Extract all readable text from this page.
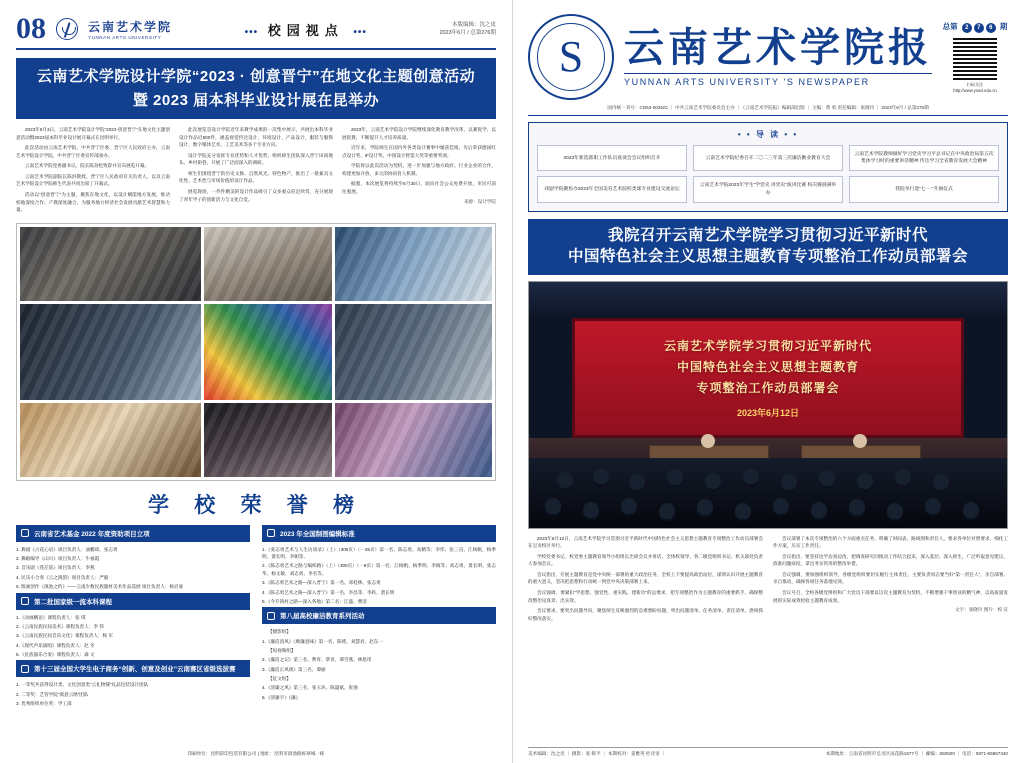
08	云南艺术学院
YUNNAN ARTS UNIVERSITY	••• 校园视点 •••
本版编辑：沈之皮
2023年6月 / 总第276期
云南艺术学院设计学院“2023 · 创意晋宁”在地文化主题创意活动
暨 2023 届本科毕业设计展在昆举办

2023年6月3日，云南艺术学院设计学院“2023·创意晋宁”在地文化主题创意活动暨2023届本科毕业设计展开幕式在昆明举行。

此次活动由云南艺术学院、中共晋宁区委、晋宁区人民政府主办，云南艺术学院设计学院、中共晋宁区委宣传部承办。

云南艺术学院党委副书记、院长陈劲松致辞并宣布展览开幕。

云南艺术学院副院长陈洪教授、晋宁区人民政府有关负责人，以及云南艺术学院设计学院师生代表共同出席了开幕式。

活动以“创意晋宁”为主题，聚焦在地文化，以设计赋能地方发展，推动校地深度合作、产教深度融合，为服务地方经济社会发展贡献艺术智慧和力量。

此次展览是设计学院近年来教学成果的一次集中展示，共展出本科毕业设计作品近500件，涵盖视觉传达设计、环境设计、产品设计、服装与服饰设计、数字媒体艺术、工艺美术等多个专业方向。

设计学院充分发挥专业优势和人才优势，组织师生团队深入晋宁田间地头、乡村街巷，开展了广泛而深入的调研。

师生们围绕晋宁的历史文脉、自然风光、特色物产，推出了一批兼具文化性、艺术性与市场价值的设计作品。

展览现场，一件件精美的设计作品吸引了众多观众驻足欣赏，充分展现了青年学子的创新活力与文化自觉。

2023年，云南艺术学院设计学院继续深化教育教学改革，以赛促学、以展促教，不断提升人才培养质量。

近年来，学院师生在国内外各类设计赛事中屡获佳绩，先后荣获德国红点设计奖、iF设计奖、中国设计智造大奖等重要奖项。

学院将以此次活动为契机，进一步加强与地方政府、行业企业的合作，构建更加开放、多元的协同育人机制。

据悉，本次展览将持续至6月30日，面向社会公众免费开放，市民可前往观展。

来源：设计学院
学 校 荣 誉 榜
云南省艺术基金 2022 年度资助项目立项

1. 舞剧《占花心语》项目负责人：油鹏璋，张志勇

2. 舞蹈编导《山川》项目负责人：牛福霞

3. 音乐剧《苍茫前》项目负责人：李燕

4. 民乐小合奏《云之滇韵》项目负责人：严毅

5. 版画创作《滇池之约》——云南少数民族题材美术作品巡展 项目负责人：杨启豪

第二批国家级一流本科课程

1.《动画概论》课程负责人：张 琪

2.《云南民族民间美术》课程负责人：李 伟

3.《云南民族民间音乐文化》课程负责人：杨 军

4.《现代声乐演唱》课程负责人：赵 冬

5.《民族器乐合奏》课程负责人：森 文

第十三届全国大学生电子商务“创新、创意及创业”云南赛区省级选拔赛

1. 一等奖共获得设计类、文化创意类“云礼物铺”礼品包装设计团队

2. 二等奖：艺管学院“滇意云绣”团队

3. 优秀组织单位奖：学工部

2023 年全国制图编辑标准

1.《张志勇艺术与人生访谈录》（上）（300页）（一45页）第一名、陈志勇、高精等；李伟、张三良、江杨帆、杨季明、萧长明、李朝等。

2.《陈志勇艺术之路与编织路》（上）（300页）（一8页）第一名；江杨帆、杨季明、李陵等；高志勇、萧长明、张志华、杨文敏、刘志勇、李名等。

3.《陈志勇艺术之路—深入晋宁》第一名、邓桂林、张志勇

4.《陈志勇艺术之路—深入晋宁》第一名、李昌等、李轶、萧长明

5.《今开铸村之路—深入各地》第二名：江盛、曹清

第八届高校廉洁教育系列活动

【摄影组】

1.《廉洁清风》《映廉意味》第一名、陈绪、刘慧君、赵东一

【短视频组】

2.《廉洁之记》第三名、曹青、覃青、谭雪燕、林思彤

3.《廉洁正风颂》第三名、谭丽

【征文组】

4.《清廉之风》第三名、张玉环、陈盛斌、张强

5.《清廉字》《廉》

印刷单位：昆明彩印包装有限公司 | 地址：昆明市滇池路栎翠城一栋
S 云南艺术学院报
YUNNAN ARTS UNIVERSITY 'S NEWSPAPER
总第	2	7	6 期
扫码关注
http://www.ynart.edu.cn
国内统一刊号：CN53-0025/G ｜ 中共云南艺术学院委员会主办 ｜《云南艺术学院报》编辑部出版 ｜ 主编：黄 勇 责任编辑：张晓玲 ｜ 2023年6月 / 总第276期
• • 导 读 • •
2023年新选派职工作队员座谈会会议组织召开	云南艺术学院纪委召开二〇二三年第三次廉洁勤业教育大会
云南艺术学院教师做好学习党史学习平总书记在中央政治局第五次集体学习时的重要讲话精神 传达学习全省教育发展大会精神
戏剧学院聚焦办2023年全国美育艺术院校类课专业建设交流论坛
云南艺术学院2023年学生“学党史 讲党史”演讲比赛 校决赛圆满举办
我院举行迎“七·一”升旗仪式
我院召开云南艺术学院学习贯彻习近平新时代
中国特色社会主义思想主题教育专项整治工作动员部署会
云南艺术学院学习贯彻习近平新时代
中国特色社会主义思想主题教育
专项整治工作动员部署会
2023年6月12日

2023年6月12日，云南艺术学院学习贯彻习近平新时代中国特色社会主义思想主题教育专项整治工作动员部署会在呈贡校区举行。

学校党委书记、校党委主题教育领导小组组长出席会议并讲话，全体校领导、各二级党组织书记、机关部处负责人参加会议。

会议指出，开展主题教育是党中央统一部署的重大政治任务，全校上下要提高政治站位，深刻认识开展主题教育的重大意义，坚决把思想和行动统一到党中央决策部署上来。

会议强调，要紧扣“学思想、强党性、重实践、建新功”的总要求，把专项整治作为主题教育的重要抓手，确保整改整治见真章、出实效。

会议要求，要突出问题导向，聚焦师生反映强烈的急难愁盼问题，列出问题清单、任务清单、责任清单，逐项抓好整改落实。

会议部署了本次专项整治的六个方面重点任务，明确了时间表、路线图和责任人，要求各单位对照要求，细化工作方案，压实工作责任。

会议指出，要坚持边学边查边改，把调查研究同推动工作结合起来，深入基层、深入师生，广泛听取意见建议，找准问题症结，拿出务实管用的整改举措。

会议强调，要加强组织领导，各级党组织要切实履行主体责任，主要负责同志要当好“第一责任人”，亲自部署、亲自推动，确保各项任务落地见效。

会议号召，全校各级党组织和广大党员干部要以这次主题教育为契机，不断增强干事创业的精气神，以高质量发展的实际成效检验主题教育成果。

文字：张晓玲 图片：校 宣
美术编辑：沈之皮 ｜ 摄影：张 晖平 ｜ 本期校对：姜雅英 杜诗语 ｜	本期地址：云南省昆明市呈贡区雨花路1577号 ｜ 邮编：650500 ｜ 电话：0871-65957340
